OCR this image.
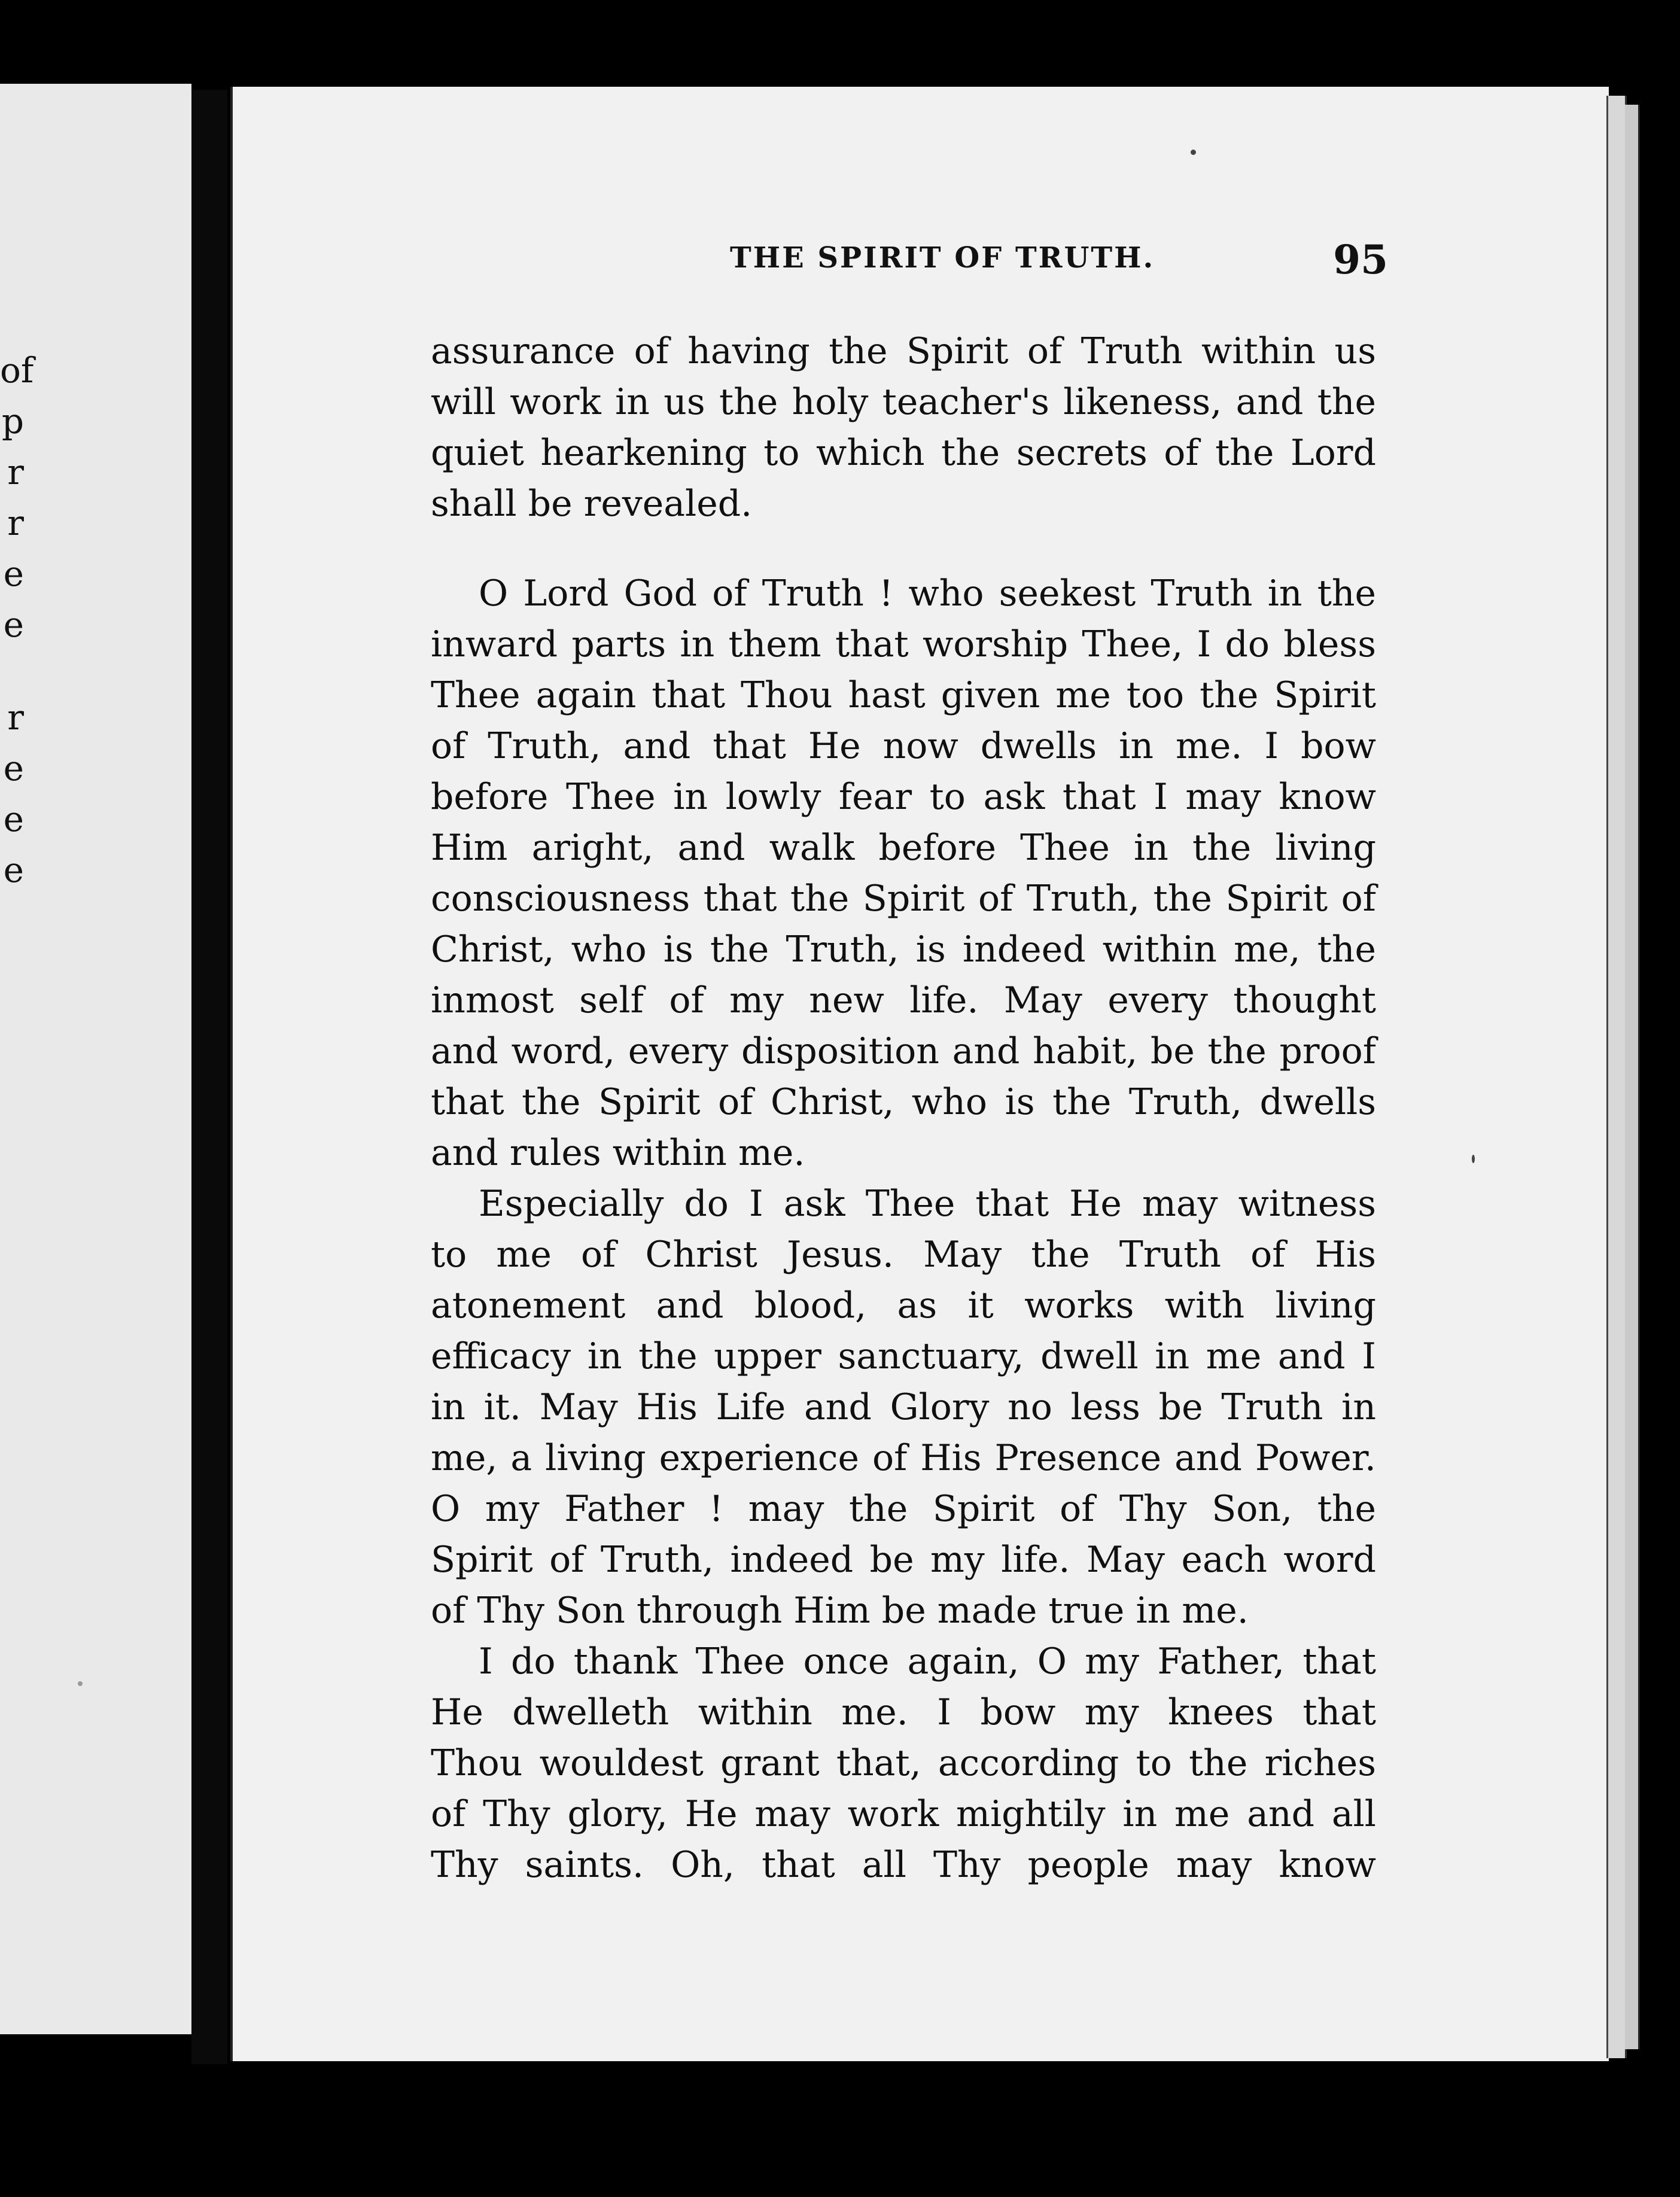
of
p
r
r
e
e
r
e
e
e
THE SPIRIT OF TRUTH.	95
assurance of having the Spirit of Truth within us
will work in us the holy teacher's likeness, and the
quiet hearkening to which the secrets of the Lord
shall be revealed.
O Lord God of Truth ! who seekest Truth in the
inward parts in them that worship Thee, I do bless
Thee again that Thou hast given me too the Spirit
of Truth, and that He now dwells in me. I bow
before Thee in lowly fear to ask that I may know
Him aright, and walk before Thee in the living
consciousness that the Spirit of Truth, the Spirit of
Christ, who is the Truth, is indeed within me, the
inmost self of my new life. May every thought
and word, every disposition and habit, be the proof
that the Spirit of Christ, who is the Truth, dwells
and rules within me.
Especially do I ask Thee that He may witness
to me of Christ Jesus. May the Truth of His
atonement and blood, as it works with living
efficacy in the upper sanctuary, dwell in me and I
in it. May His Life and Glory no less be Truth in
me, a living experience of His Presence and Power.
O my Father ! may the Spirit of Thy Son, the
Spirit of Truth, indeed be my life. May each word
of Thy Son through Him be made true in me.
I do thank Thee once again, O my Father, that
He dwelleth within me. I bow my knees that
Thou wouldest grant that, according to the riches
of Thy glory, He may work mightily in me and all
Thy saints. Oh, that all Thy people may know
